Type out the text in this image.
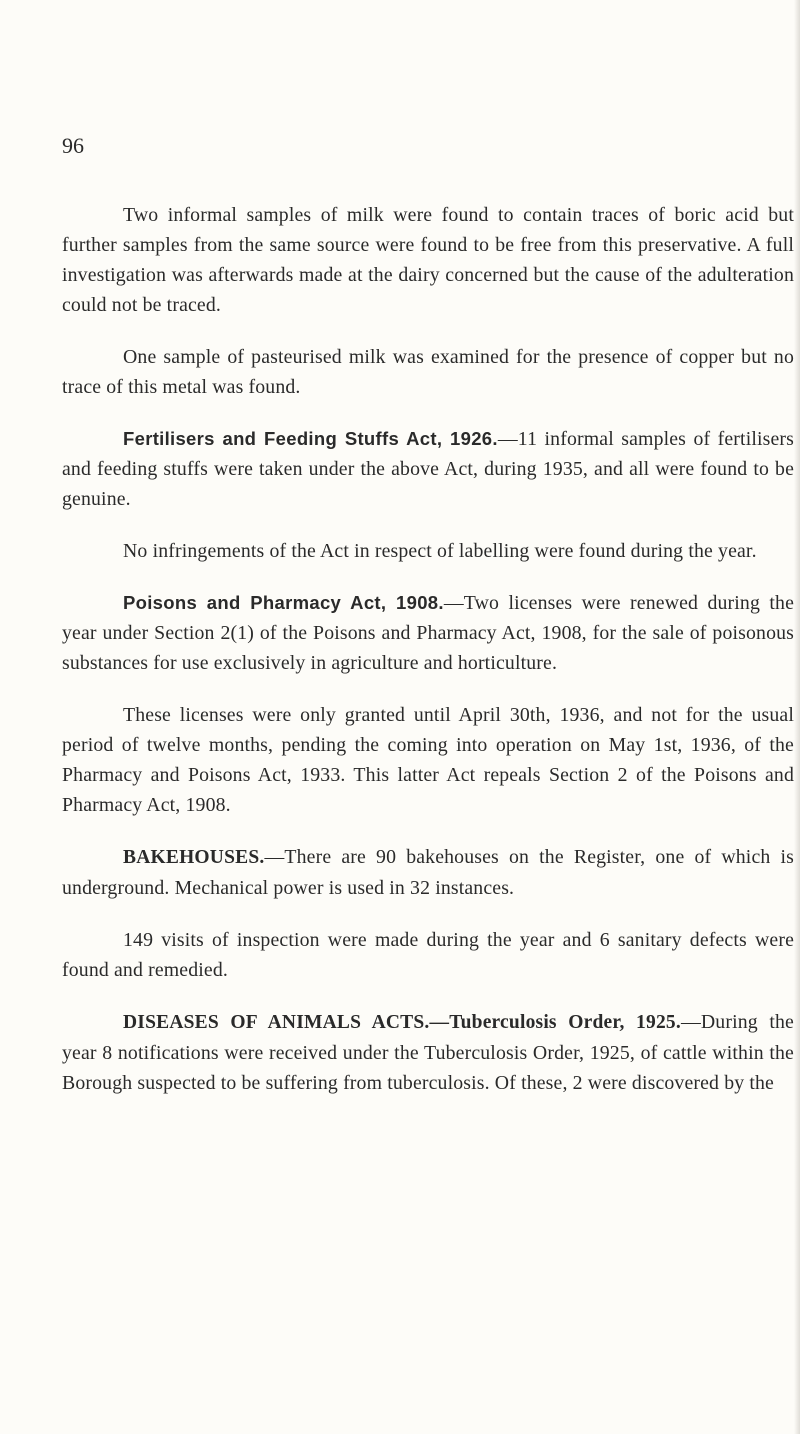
96

Two informal samples of milk were found to contain traces of boric acid but further samples from the same source were found to be free from this preservative. A full investigation was afterwards made at the dairy concerned but the cause of the adulteration could not be traced.

One sample of pasteurised milk was examined for the presence of copper but no trace of this metal was found.

Fertilisers and Feeding Stuffs Act, 1926.—11 informal samples of fertilisers and feeding stuffs were taken under the above Act, during 1935, and all were found to be genuine.

No infringements of the Act in respect of labelling were found during the year.

Poisons and Pharmacy Act, 1908.—Two licenses were renewed during the year under Section 2(1) of the Poisons and Pharmacy Act, 1908, for the sale of poisonous substances for use exclusively in agriculture and horticulture.

These licenses were only granted until April 30th, 1936, and not for the usual period of twelve months, pending the coming into operation on May 1st, 1936, of the Pharmacy and Poisons Act, 1933. This latter Act repeals Section 2 of the Poisons and Pharmacy Act, 1908.

BAKEHOUSES.—There are 90 bakehouses on the Register, one of which is underground. Mechanical power is used in 32 instances.

149 visits of inspection were made during the year and 6 sanitary defects were found and remedied.

DISEASES OF ANIMALS ACTS.—Tuberculosis Order, 1925.—During the year 8 notifications were received under the Tuberculosis Order, 1925, of cattle within the Borough suspected to be suffering from tuberculosis. Of these, 2 were discovered by the
